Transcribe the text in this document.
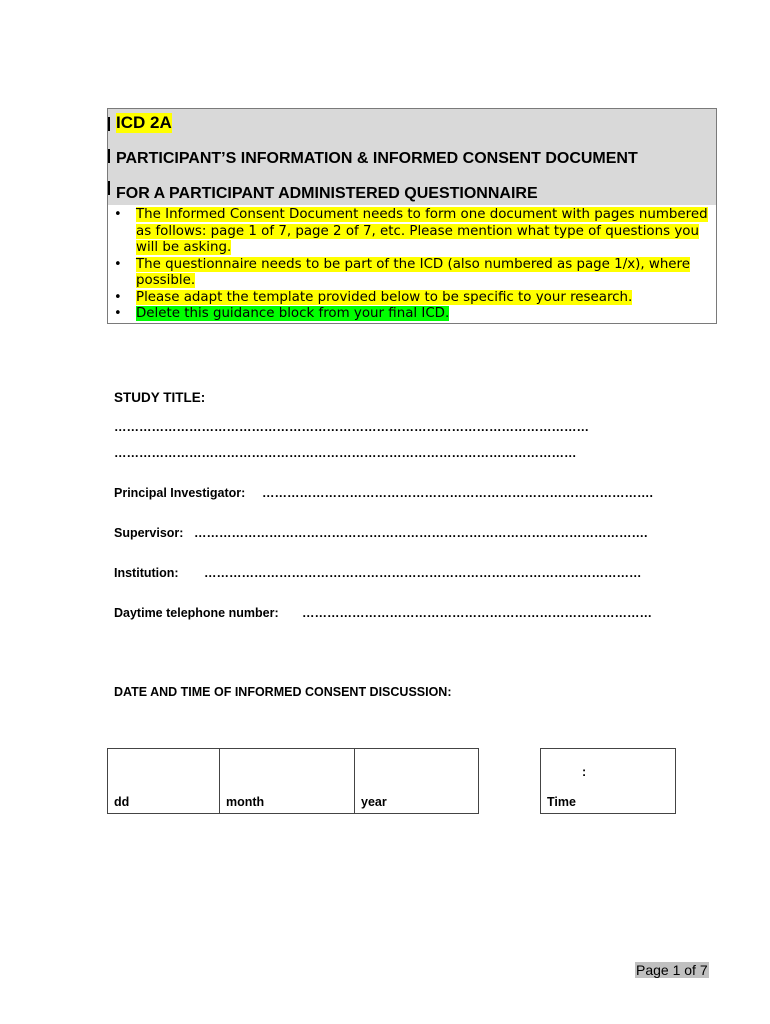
ICD 2A
PARTICIPANT’S INFORMATION & INFORMED CONSENT DOCUMENT
FOR A PARTICIPANT ADMINISTERED QUESTIONNAIRE
• The Informed Consent Document needs to form one document with pages numbered as follows: page 1 of 7, page 2 of 7, etc. Please mention what type of questions you will be asking.
• The questionnaire needs to be part of the ICD (also numbered as page 1/x), where possible.
• Please adapt the template provided below to be specific to your research.
• Delete this guidance block from your final ICD.
STUDY TITLE:
……………………………………………………………………………………………………
…………………………………………………………………………………………………
Principal Investigator: ………………………………………………………………………………….
Supervisor: ……………………………………………………………………………………………….
Institution: ……………………………………………………………………………………………
Daytime telephone number: …………………………………………………………………………
DATE AND TIME OF INFORMED CONSENT DISCUSSION:
dd	month	year
:
Time
Page 1 of 7
